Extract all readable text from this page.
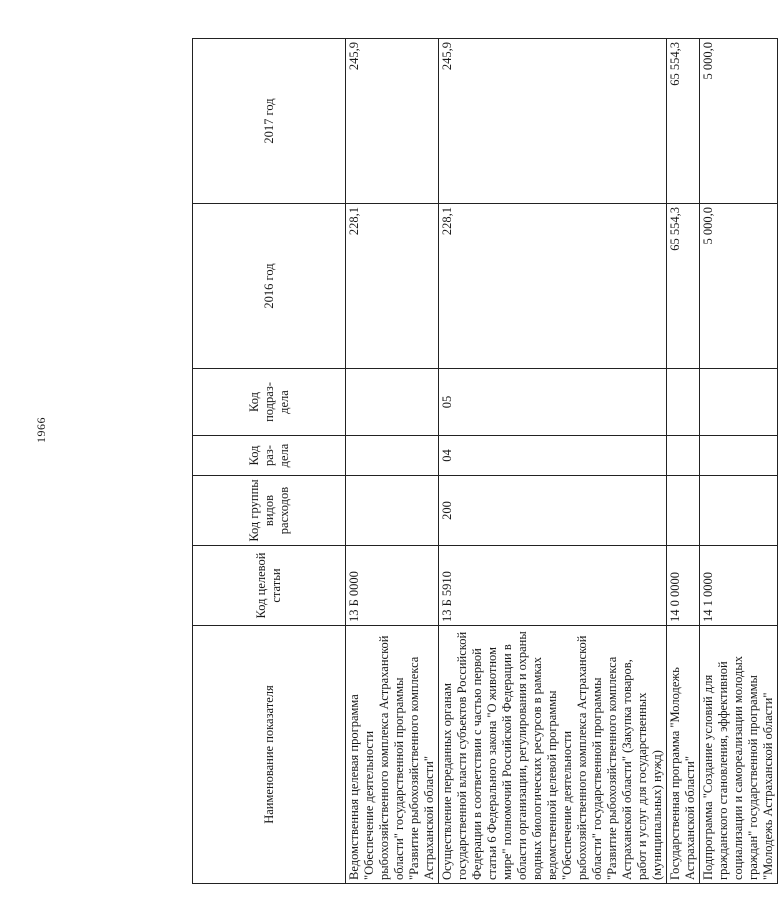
1966
Наименование показателя	Код целевой статьи	Код группы видов расходов	Код раз-дела	Код подраз-дела	2016 год	2017 год
Ведомственная целевая программа "Обеспечение деятельности рыбохозяйственного комплекса Астраханской области" государственной программы "Развитие рыбохозяйственного комплекса Астраханской области"	13 Б 0000				228,1	245,9
Осуществление переданных органам государственной власти субъектов Российской Федерации в соответствии с частью первой статьи 6 Федерального закона "О животном мире" полномочий Российской Федерации в области организации, регулирования и охраны водных биологических ресурсов в рамках ведомственной целевой программы "Обеспечение деятельности рыбохозяйственного комплекса Астраханской области" государственной программы "Развитие рыбохозяйственного комплекса Астраханской области" (Закупка товаров, работ и услуг для государственных (муниципальных) нужд)	13 Б 5910	200	04	05	228,1	245,9
Государственная программа "Молодежь Астраханской области"	14 0 0000				65 554,3	65 554,3
Подпрограмма "Создание условий для гражданского становления, эффективной социализации и самореализации молодых граждан" государственной программы "Молодежь Астраханской области"	14 1 0000				5 000,0	5 000,0
